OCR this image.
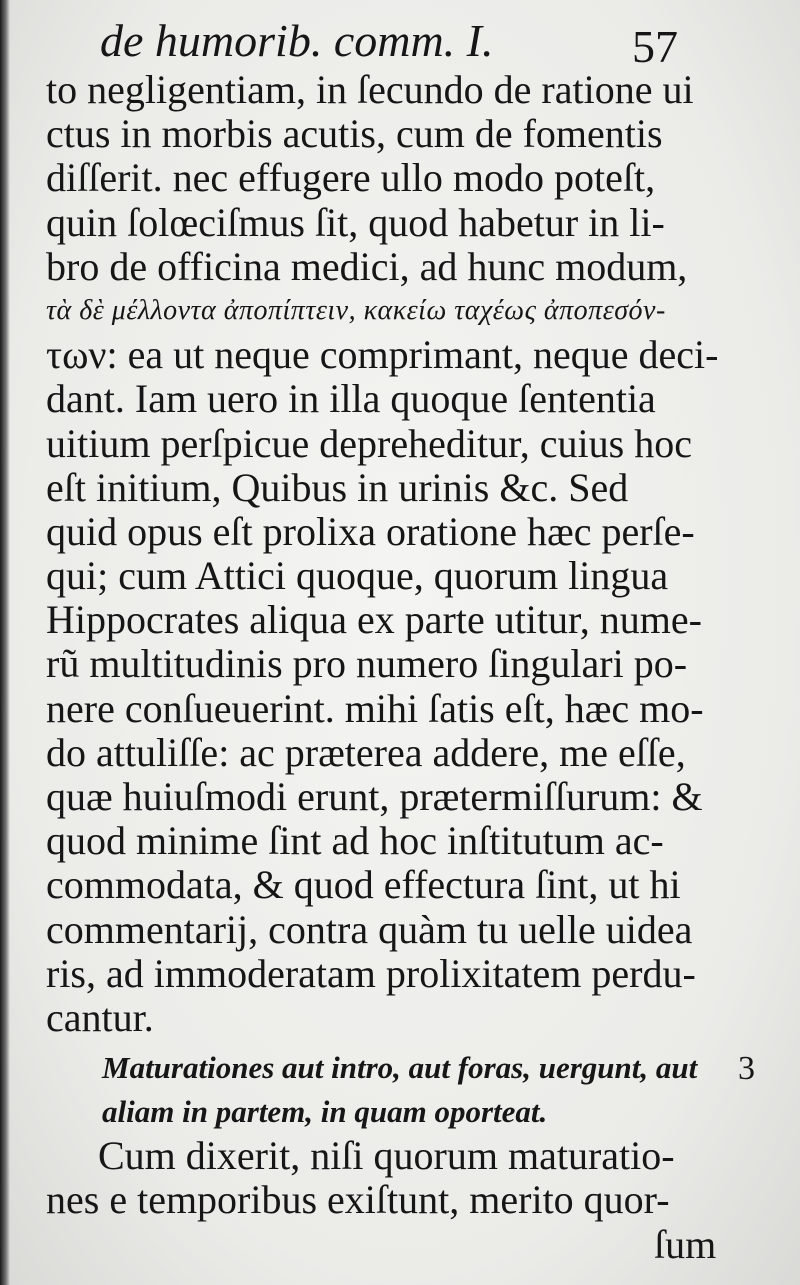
de humorib. comm. I.	57
to negligentiam, in ſecundo de ratione ui
ctus in morbis acutis, cum de fomentis
diſſerit. nec effugere ullo modo poteſt,
quin ſolœciſmus ſit, quod habetur in li-
bro de officina medici, ad hunc modum,
τὰ δὲ μέλλοντα ἀποπίπτειν, κακείω ταχέως ἀποπεσόν-
των: ea ut neque comprimant, neque deci-
dant. Iam uero in illa quoque ſententia
uitium perſpicue depreheditur, cuius hoc
eſt initium, Quibus in urinis &c. Sed
quid opus eſt prolixa oratione hæc perſe-
qui; cum Attici quoque, quorum lingua
Hippocrates aliqua ex parte utitur, nume-
rũ multitudinis pro numero ſingulari po-
nere conſueuerint. mihi ſatis eſt, hæc mo-
do attuliſſe: ac præterea addere, me eſſe,
quæ huiuſmodi erunt, prætermiſſurum: &
quod minime ſint ad hoc inſtitutum ac-
commodata, & quod effectura ſint, ut hi
commentarij, contra quàm tu uelle uidea
ris, ad immoderatam prolixitatem perdu-
cantur.
Maturationes aut intro, aut foras, uergunt, aut
aliam in partem, in quam oporteat.
Cum dixerit, niſi quorum maturatio-
nes e temporibus exiſtunt, merito quor-
ſum
3
